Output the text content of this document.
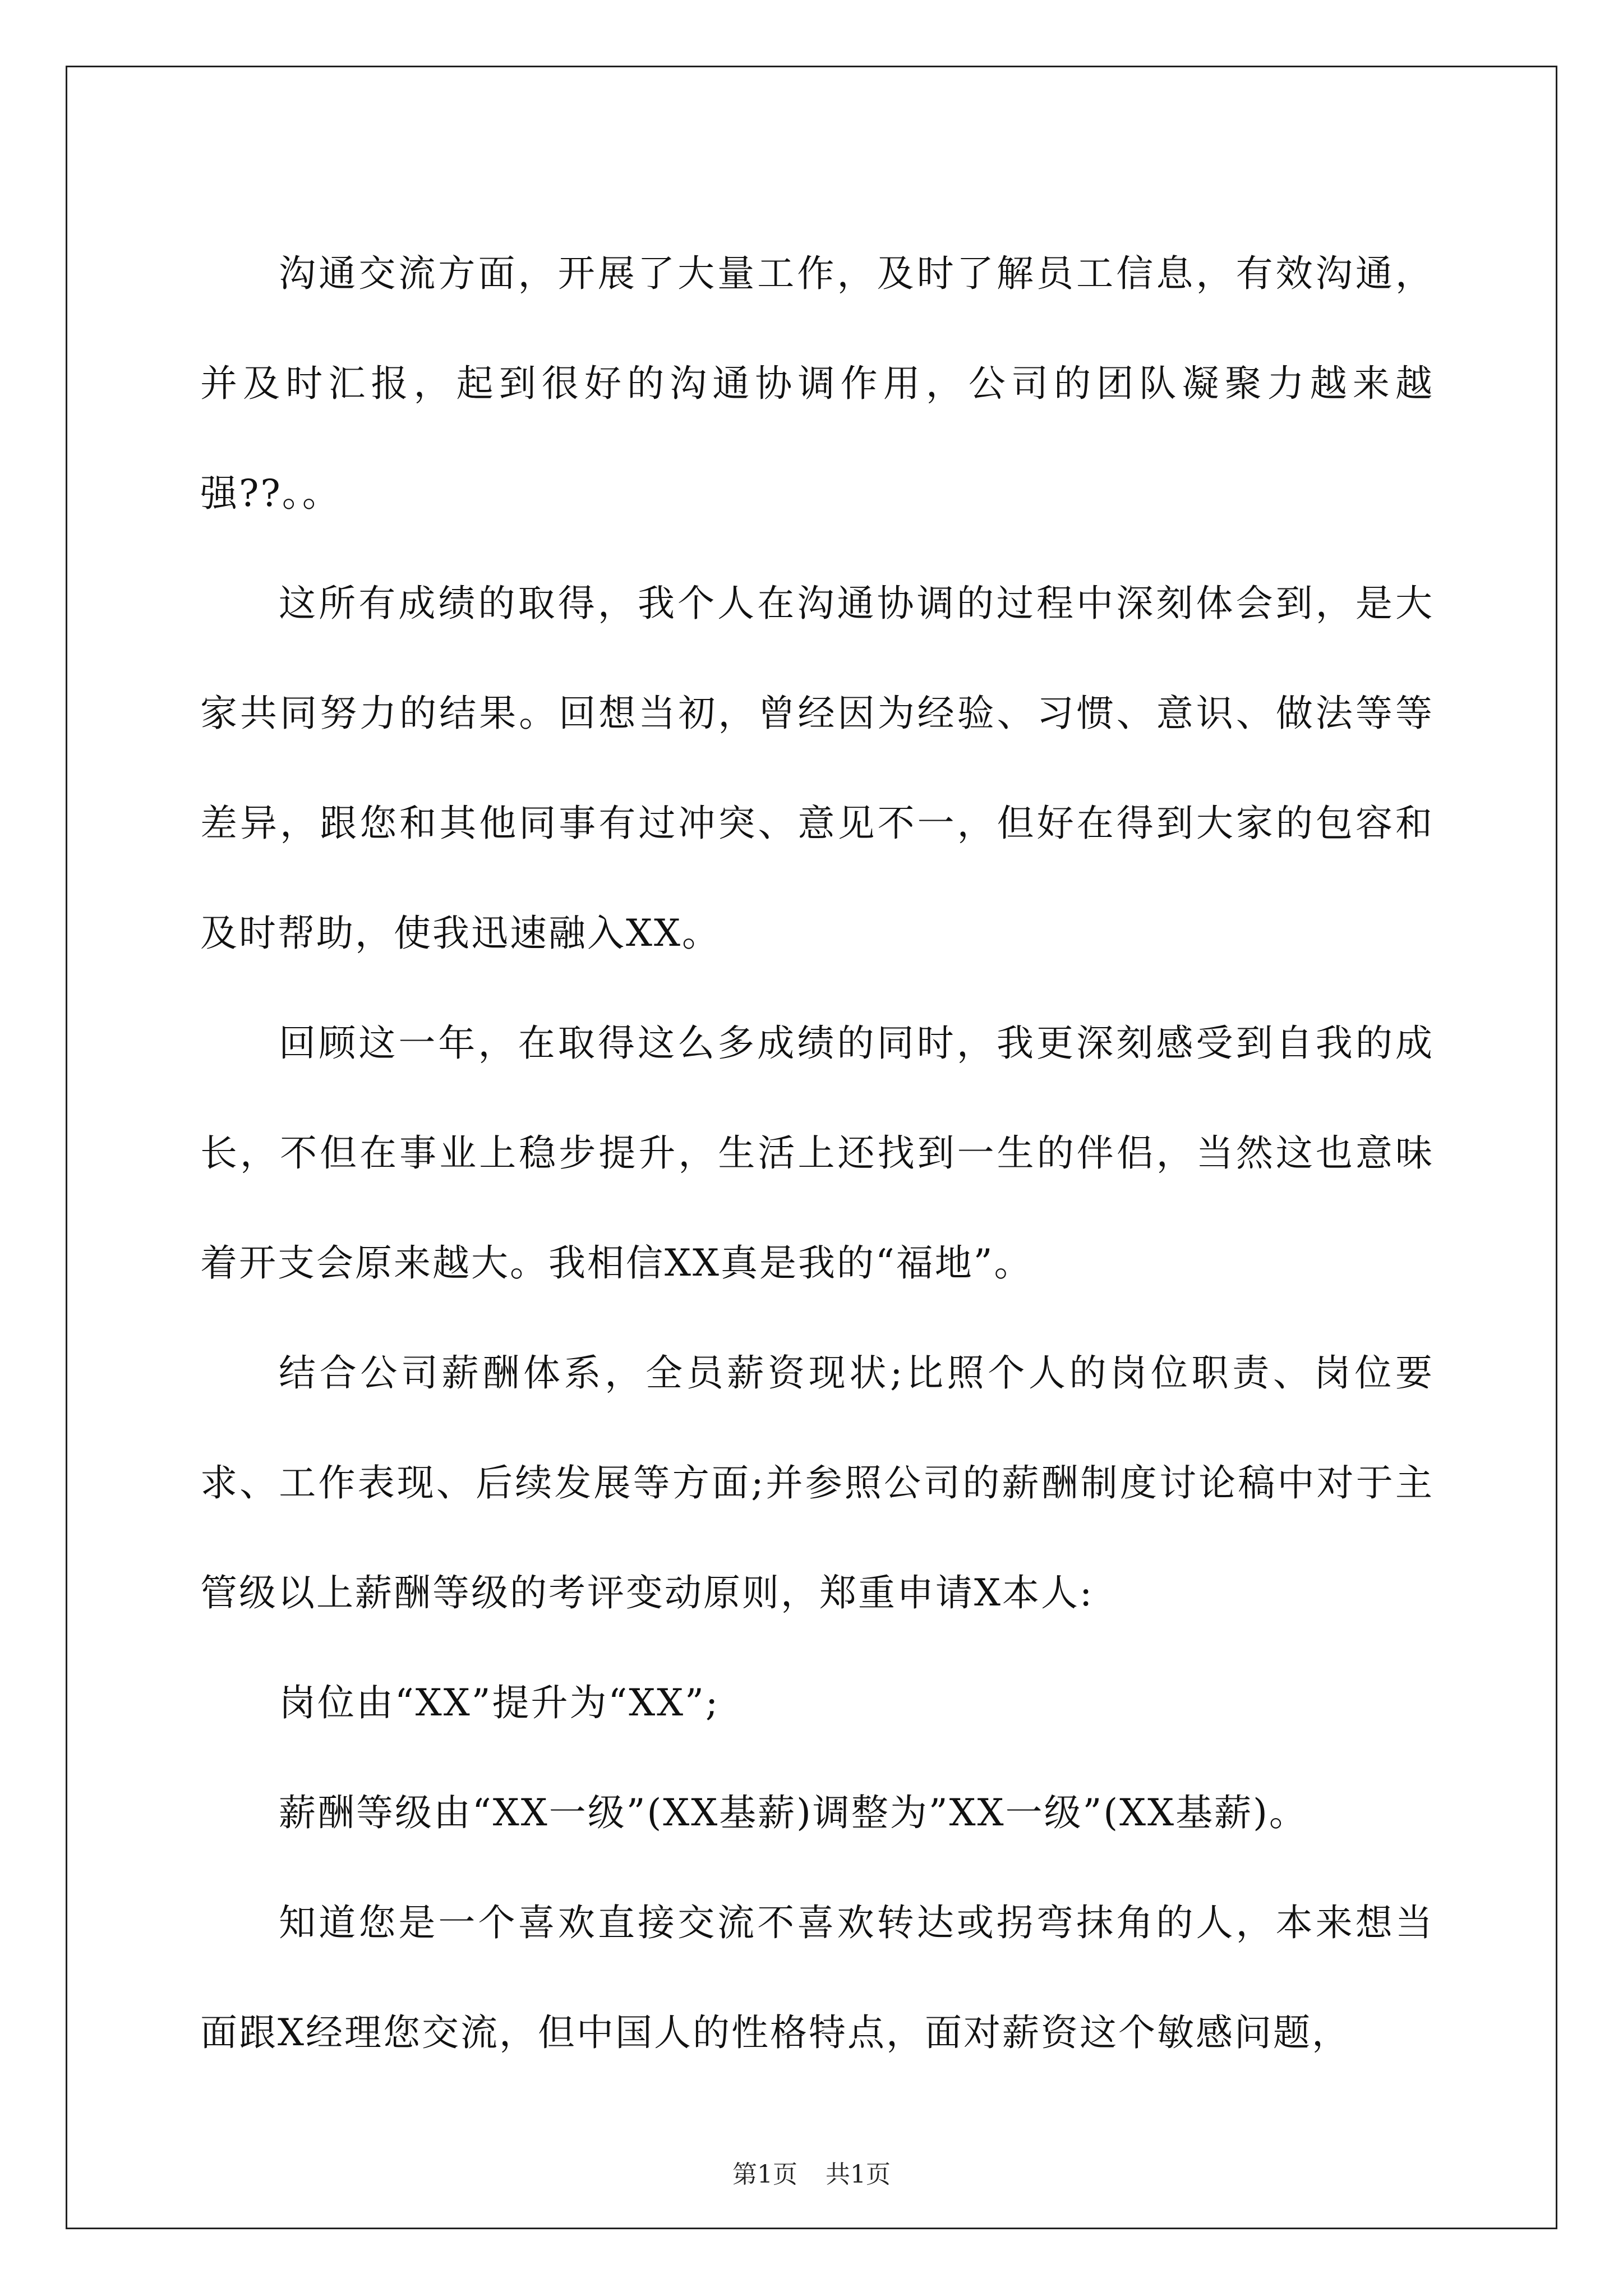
沟通交流方面，开展了大量工作，及时了解员工信息，有效沟通，并及时汇报，起到很好的沟通协调作用，公司的团队凝聚力越来越强??。。

这所有成绩的取得，我个人在沟通协调的过程中深刻体会到，是大家共同努力的结果。回想当初，曾经因为经验、习惯、意识、做法等等差异，跟您和其他同事有过冲突、意见不一，但好在得到大家的包容和及时帮助，使我迅速融入XX。

回顾这一年，在取得这么多成绩的同时，我更深刻感受到自我的成长，不但在事业上稳步提升，生活上还找到一生的伴侣，当然这也意味着开支会原来越大。我相信XX真是我的“福地”。

结合公司薪酬体系，全员薪资现状;比照个人的岗位职责、岗位要求、工作表现、后续发展等方面;并参照公司的薪酬制度讨论稿中对于主管级以上薪酬等级的考评变动原则，郑重申请X本人:

岗位由“XX”提升为“XX”;

薪酬等级由“XX一级”(XX基薪)调整为”XX一级”(XX基薪)。

知道您是一个喜欢直接交流不喜欢转达或拐弯抹角的人，本来想当面跟X经理您交流，但中国人的性格特点，面对薪资这个敏感问题，

第1页 共1页
